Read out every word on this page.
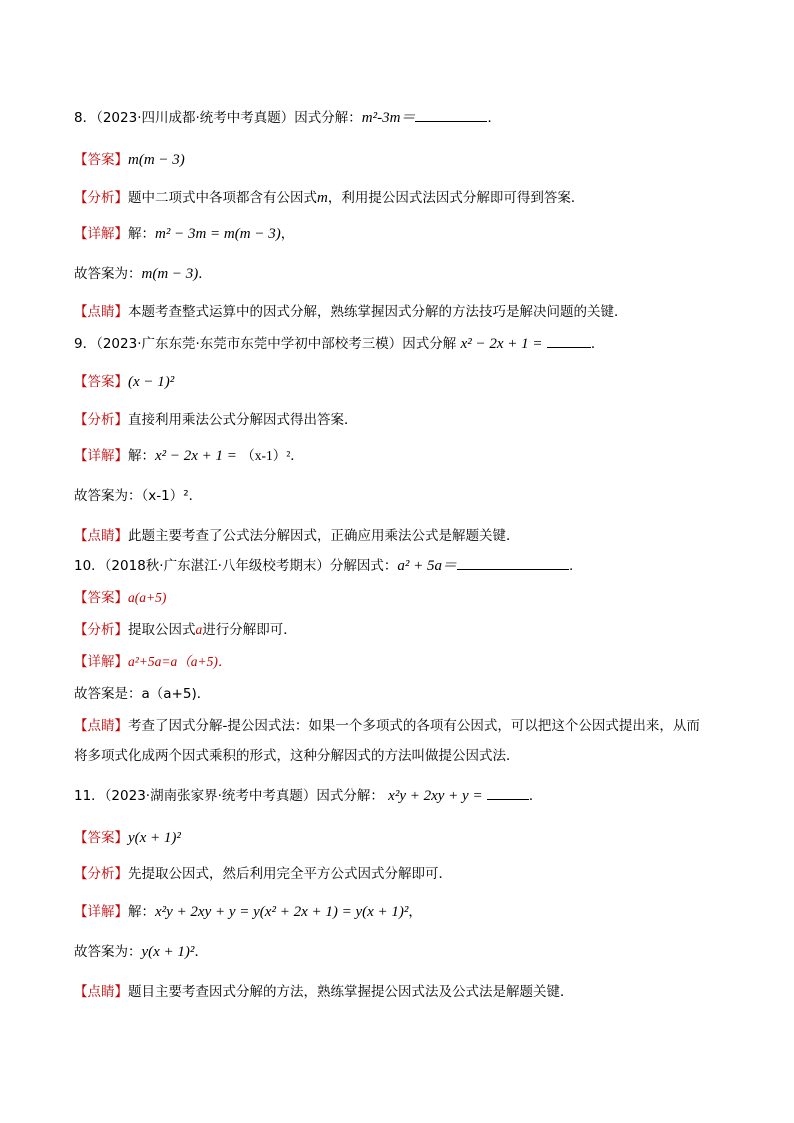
8．（2023·四川成都·统考中考真题）因式分解：m²-3m＝	．
【答案】m(m − 3)
【分析】题中二项式中各项都含有公因式m，利用提公因式法因式分解即可得到答案．
【详解】解：m² − 3m = m(m − 3)，
故答案为：m(m − 3)．
【点睛】本题考查整式运算中的因式分解，熟练掌握因式分解的方法技巧是解决问题的关键．
9．（2023·广东东莞·东莞市东莞中学初中部校考三模）因式分解 x² − 2x + 1 =	．
【答案】(x − 1)²
【分析】直接利用乘法公式分解因式得出答案．
【详解】解：x² − 2x + 1 = （x-1）²．
故答案为：（x-1）²．
【点睛】此题主要考查了公式法分解因式，正确应用乘法公式是解题关键．
10．（2018秋·广东湛江·八年级校考期末）分解因式：a² + 5a＝	.
【答案】a(a+5)
【分析】提取公因式a进行分解即可．
【详解】a²+5a=a（a+5)．
故答案是：a（a+5)．
【点睛】考查了因式分解-提公因式法：如果一个多项式的各项有公因式，可以把这个公因式提出来，从而
将多项式化成两个因式乘积的形式，这种分解因式的方法叫做提公因式法．
11．（2023·湖南张家界·统考中考真题）因式分解： x²y + 2xy + y =	．
【答案】y(x + 1)²
【分析】先提取公因式，然后利用完全平方公式因式分解即可．
【详解】解：x²y + 2xy + y = y(x² + 2x + 1) = y(x + 1)²，
故答案为：y(x + 1)²．
【点睛】题目主要考查因式分解的方法，熟练掌握提公因式法及公式法是解题关键．
